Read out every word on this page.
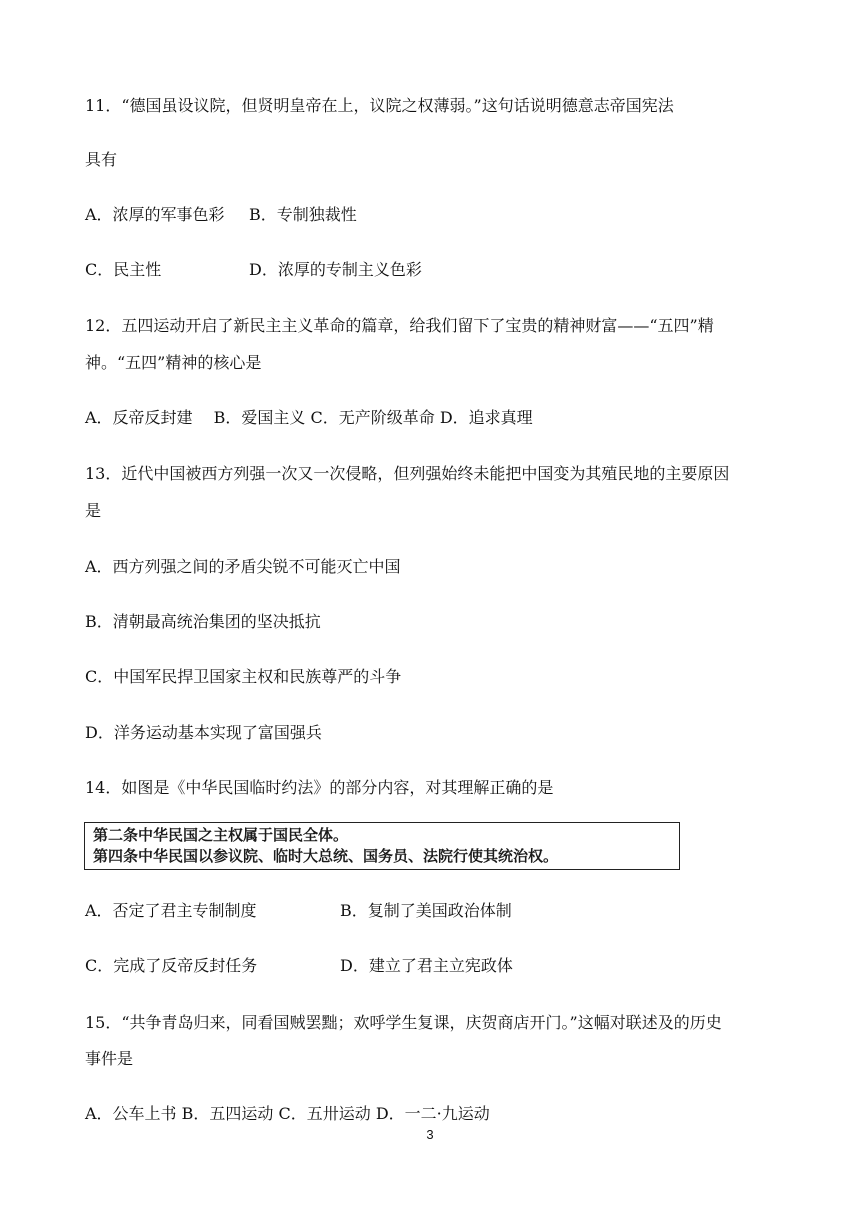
11．“德国虽设议院，但贤明皇帝在上，议院之权薄弱。”这句话说明德意志帝国宪法
具有
A．浓厚的军事色彩 B．专制独裁性
C．民主性	D．浓厚的专制主义色彩
12．五四运动开启了新民主主义革命的篇章，给我们留下了宝贵的精神财富——“五四”精
神。“五四”精神的核心是
A．反帝反封建　 B．爱国主义 C．无产阶级革命 D．追求真理
13．近代中国被西方列强一次又一次侵略，但列强始终未能把中国变为其殖民地的主要原因
是
A．西方列强之间的矛盾尖锐不可能灭亡中国
B．清朝最高统治集团的坚决抵抗
C．中国军民捍卫国家主权和民族尊严的斗争
D．洋务运动基本实现了富国强兵
14．如图是《中华民国临时约法》的部分内容，对其理解正确的是
第二条中华民国之主权属于国民全体。
第四条中华民国以参议院、临时大总统、国务员、法院行使其统治权。
A．否定了君主专制制度	B．复制了美国政治体制
C．完成了反帝反封任务	D．建立了君主立宪政体
15．“共争青岛归来，同看国贼罢黜；欢呼学生复课，庆贺商店开门。”这幅对联述及的历史
事件是
A．公车上书 B．五四运动 C．五卅运动 D．一二·九运动
3
